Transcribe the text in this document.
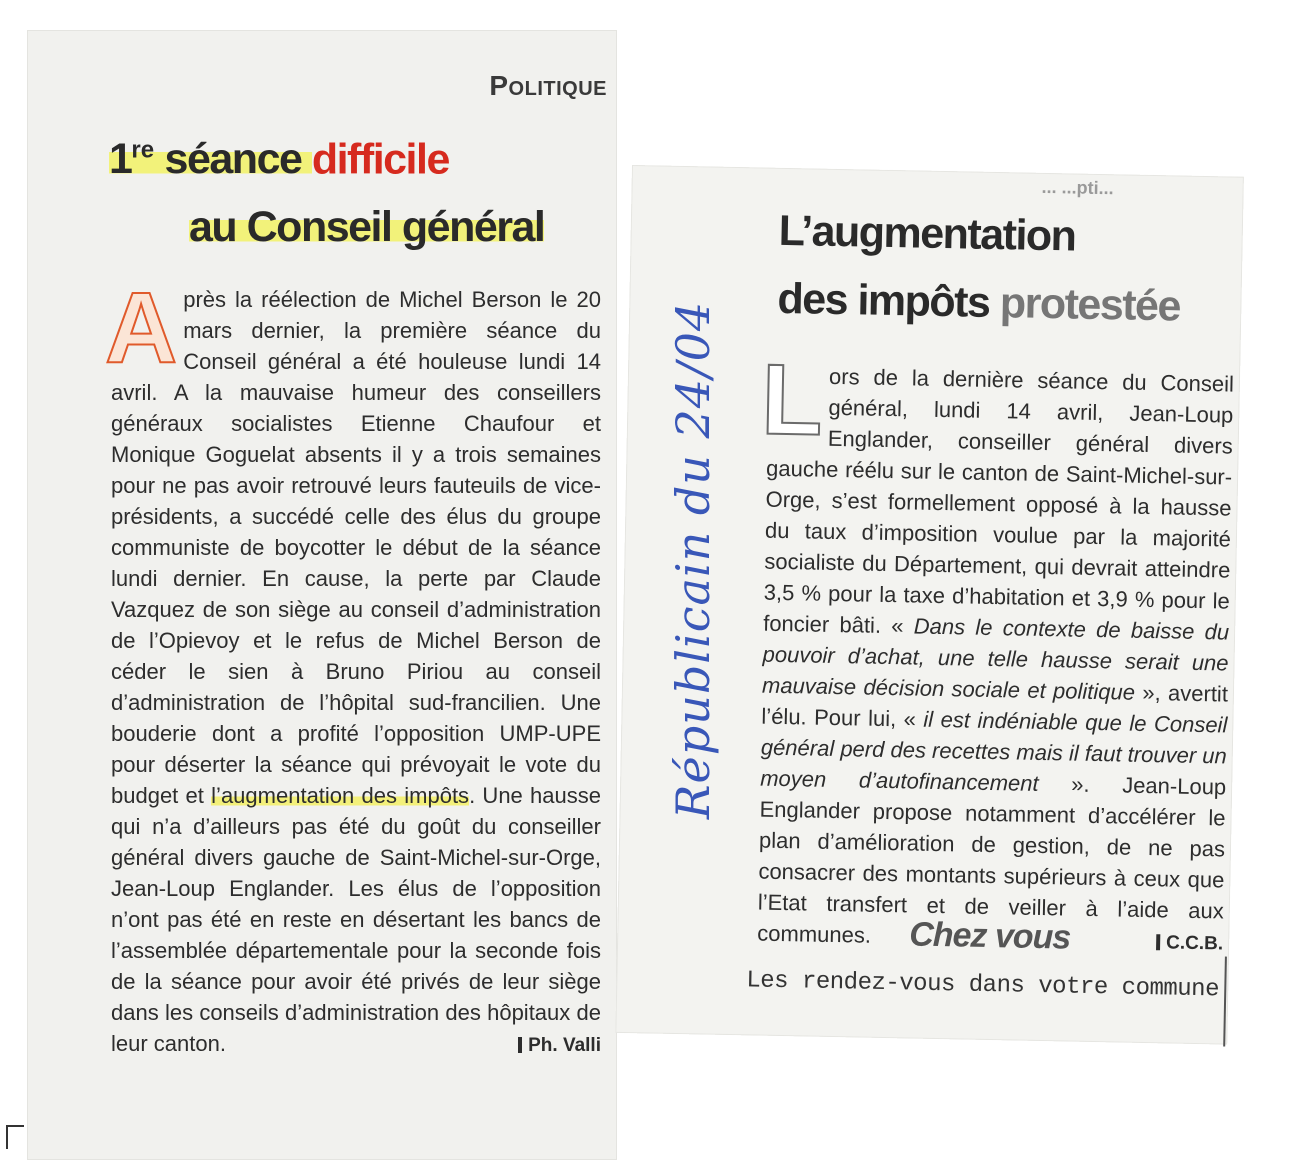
Politique
1re séance difficile
au Conseil général
Après la réélection de Michel Berson le 20 mars dernier, la première séance du Conseil général a été houleuse lundi 14 avril. A la mauvaise humeur des conseillers généraux socialistes Etienne Chaufour et Monique Goguelat absents il y a trois semaines pour ne pas avoir retrouvé leurs fauteuils de vice-présidents, a succédé celle des élus du groupe communiste de boycotter le début de la séance lundi dernier. En cause, la perte par Claude Vazquez de son siège au conseil d’administration de l’Opievoy et le refus de Michel Berson de céder le sien à Bruno Piriou au conseil d’administration de l’hôpital sud-francilien. Une bouderie dont a profité l’opposition UMP-UPE pour déserter la séance qui prévoyait le vote du budget et l’augmentation des impôts. Une hausse qui n’a d’ailleurs pas été du goût du conseiller général divers gauche de Saint-Michel-sur-Orge, Jean-Loup Englander. Les élus de l’opposition n’ont pas été en reste en désertant les bancs de l’assemblée départementale pour la seconde fois de la séance pour avoir été privés de leur siège dans les conseils d’administration des hôpitaux de leur canton.	Ph. Valli
... ...pti...
L’augmentation
des impôts protestée
Lors de la dernière séance du Conseil général, lundi 14 avril, Jean-Loup Englander, conseiller général divers gauche réélu sur le canton de Saint-Michel-sur-Orge, s’est formellement opposé à la hausse du taux d’imposition voulue par la majorité socialiste du Département, qui devrait atteindre 3,5 % pour la taxe d’habitation et 3,9 % pour le foncier bâti. « Dans le contexte de baisse du pouvoir d’achat, une telle hausse serait une mauvaise décision sociale et politique », avertit l’élu. Pour lui, « il est indéniable que le Conseil général perd des recettes mais il faut trouver un moyen d’autofinancement ». Jean-Loup Englander propose notamment d’accélérer le plan d’amélioration de gestion, de ne pas consacrer des montants supérieurs à ceux que l’Etat transfert et de veiller à l’aide aux communes.	C.C.B.
Chez vous
Les rendez-vous dans votre commune
Républicain du 24/04
